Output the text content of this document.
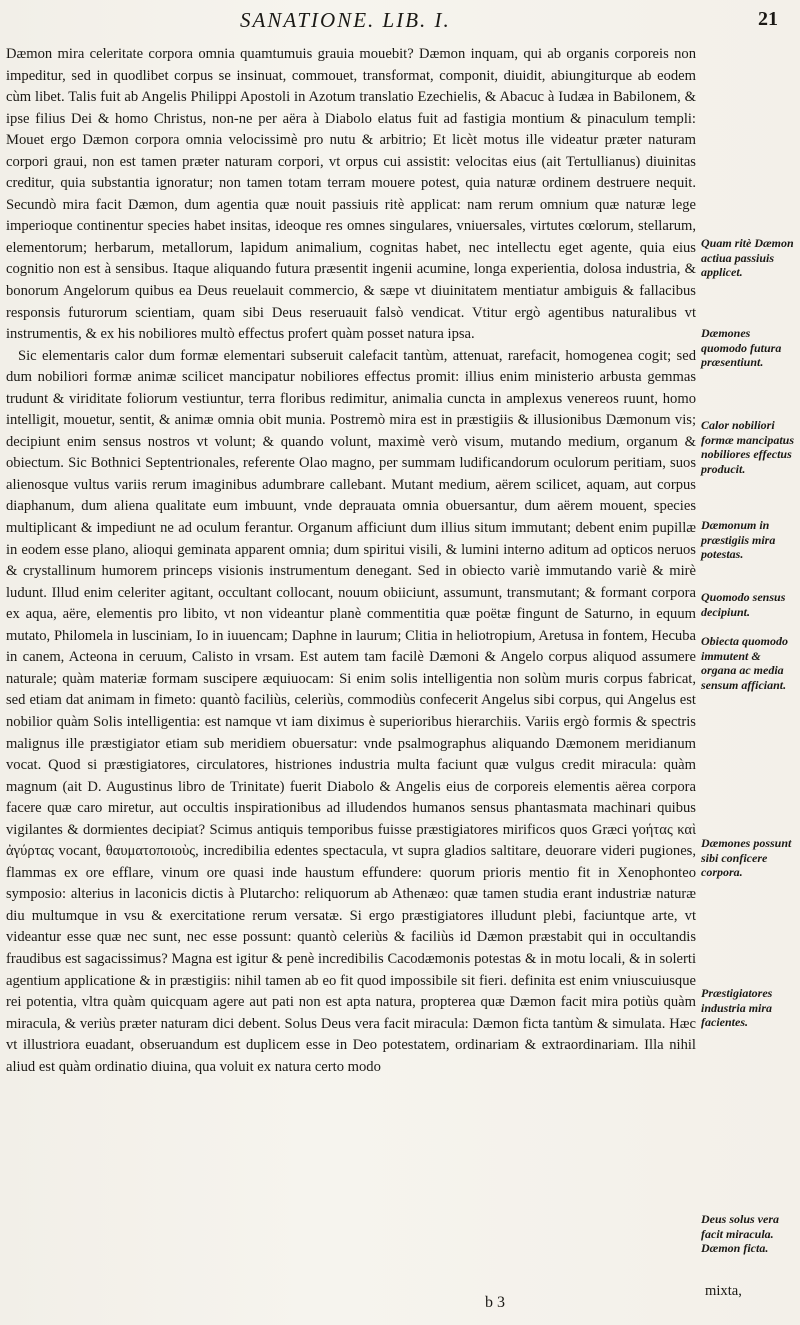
SANATIONE. LIB. I.	21

Dæmon mira celeritate corpora omnia quamtumuis grauia mouebit? Dæmon inquam, qui ab organis corporeis non impeditur, sed in quodlibet corpus se insinuat, commouet, transformat, componit, diuidit, abiungiturque ab eodem cùm libet. Talis fuit ab Angelis Philippi Apostoli in Azotum translatio Ezechielis, & Abacuc à Iudæa in Babilonem, & ipse filius Dei & homo Christus, non-ne per aëra à Diabolo elatus fuit ad fastigia montium & pinaculum templi: Mouet ergo Dæmon corpora omnia velocissimè pro nutu & arbitrio; Et licèt motus ille videatur præter naturam corpori graui, non est tamen præter naturam corpori, vt orpus cui assistit: velocitas eius (ait Tertullianus) diuinitas creditur, quia substantia ignoratur; non tamen totam terram mouere potest, quia naturæ ordinem destruere nequit. Secundò mira facit Dæmon, dum agentia quæ nouit passiuis ritè applicat: nam rerum omnium quæ naturæ lege imperioque continentur species habet insitas, ideoque res omnes singulares, vniuersales, virtutes cœlorum, stellarum, elementorum; herbarum, metallorum, lapidum animalium, cognitas habet, nec intellectu eget agente, quia eius cognitio non est à sensibus. Itaque aliquando futura præsentit ingenii acumine, longa experientia, dolosa industria, & bonorum Angelorum quibus ea Deus reuelauit commercio, & sæpe vt diuinitatem mentiatur ambiguis & fallacibus responsis futurorum scientiam, quam sibi Deus reseruauit falsò vendicat. Vtitur ergò agentibus naturalibus vt instrumentis, & ex his nobiliores multò effectus profert quàm posset natura ipsa.

Sic elementaris calor dum formæ elementari subseruit calefacit tantùm, attenuat, rarefacit, homogenea cogit; sed dum nobiliori formæ animæ scilicet mancipatur nobiliores effectus promit: illius enim ministerio arbusta gemmas trudunt & viriditate foliorum vestiuntur, terra floribus redimitur, animalia cuncta in amplexus venereos ruunt, homo intelligit, mouetur, sentit, & animæ omnia obit munia. Postremò mira est in præstigiis & illusionibus Dæmonum vis; decipiunt enim sensus nostros vt volunt; & quando volunt, maximè verò visum, mutando medium, organum & obiectum. Sic Bothnici Septentrionales, referente Olao magno, per summam ludificandorum oculorum peritiam, suos alienosque vultus variis rerum imaginibus adumbrare callebant. Mutant medium, aërem scilicet, aquam, aut corpus diaphanum, dum aliena qualitate eum imbuunt, vnde deprauata omnia obuersantur, dum aërem mouent, species multiplicant & impediunt ne ad oculum ferantur. Organum afficiunt dum illius situm immutant; debent enim pupillæ in eodem esse plano, alioqui geminata apparent omnia; dum spiritui visili, & lumini interno aditum ad opticos neruos & crystallinum humorem princeps visionis instrumentum denegant. Sed in obiecto variè immutando variè & mirè ludunt. Illud enim celeriter agitant, occultant collocant, nouum obiiciunt, assumunt, transmutant; & formant corpora ex aqua, aëre, elementis pro libito, vt non videantur planè commentitia quæ poëtæ fingunt de Saturno, in equum mutato, Philomela in lusciniam, Io in iuuencam; Daphne in laurum; Clitia in heliotropium, Aretusa in fontem, Hecuba in canem, Acteona in ceruum, Calisto in vrsam. Est autem tam facilè Dæmoni & Angelo corpus aliquod assumere naturale; quàm materiæ formam suscipere æquiuocam: Si enim solis intelligentia non solùm muris corpus fabricat, sed etiam dat animam in fimeto: quantò faciliùs, celeriùs, commodiùs confecerit Angelus sibi corpus, qui Angelus est nobilior quàm Solis intelligentia: est namque vt iam diximus è superioribus hierarchiis. Variis ergò formis & spectris malignus ille præstigiator etiam sub meridiem obuersatur: vnde psalmographus aliquando Dæmonem meridianum vocat. Quod si præstigiatores, circulatores, histriones industria multa faciunt quæ vulgus credit miracula: quàm magnum (ait D. Augustinus libro de Trinitate) fuerit Diabolo & Angelis eius de corporeis elementis aërea corpora facere quæ caro miretur, aut occultis inspirationibus ad illudendos humanos sensus phantasmata machinari quibus vigilantes & dormientes decipiat? Scimus antiquis temporibus fuisse præstigiatores mirificos quos Græci γοήτας καὶ ἀγύρτας vocant, θαυματοποιοὺς, incredibilia edentes spectacula, vt supra gladios saltitare, deuorare videri pugiones, flammas ex ore efflare, vinum ore quasi inde haustum effundere: quorum prioris mentio fit in Xenophonteo symposio: alterius in laconicis dictis à Plutarcho: reliquorum ab Athenæo: quæ tamen studia erant industriæ naturæ diu multumque in vsu & exercitatione rerum versatæ. Si ergo præstigiatores illudunt plebi, faciuntque arte, vt videantur esse quæ nec sunt, nec esse possunt: quantò celeriùs & faciliùs id Dæmon præstabit qui in occultandis fraudibus est sagacissimus? Magna est igitur & penè incredibilis Cacodæmonis potestas & in motu locali, & in solerti agentium applicatione & in præstigiis: nihil tamen ab eo fit quod impossibile sit fieri. definita est enim vniuscuiusque rei potentia, vltra quàm quicquam agere aut pati non est apta natura, propterea quæ Dæmon facit mira potiùs quàm miracula, & veriùs præter naturam dici debent. Solus Deus vera facit miracula: Dæmon ficta tantùm & simulata. Hæc vt illustriora euadant, obseruandum est duplicem esse in Deo potestatem, ordinariam & extraordinariam. Illa nihil aliud est quàm ordinatio diuina, qua voluit ex natura certo modo

Quam ritè Dæmon actiua passiuis applicet.
Dæmones quomodo futura præsentiunt.
Calor nobiliori formæ mancipatus nobiliores effectus producit.
Dæmonum in præstigiis mira potestas.
Quomodo sensus decipiunt.
Obiecta quomodo immutent & organa ac media sensum afficiant.
Dæmones possunt sibi conficere corpora.
Præstigiatores industria mira facientes.
Deus solus vera facit miracula. Dæmon ficta.
b 3
mixta,
